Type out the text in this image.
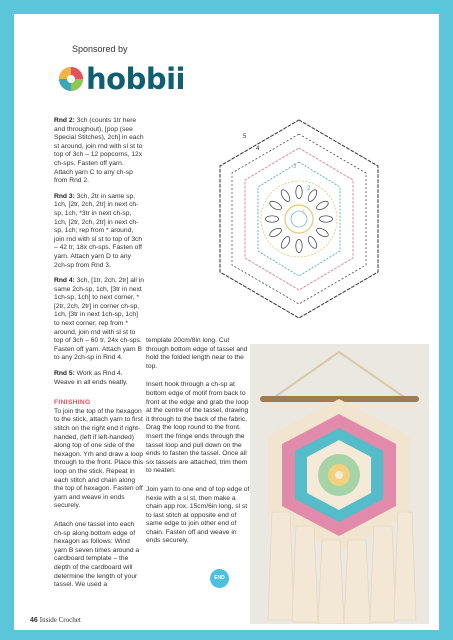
Sponsored by
hobbii

Rnd 2: 3ch (counts 1tr here and throughout), [pop (see Special Stitches), 2ch] in each st around, join rnd with sl st to top of 3ch – 12 popcorns, 12x ch-sps. Fasten off yarn. Attach yarn C to any ch-sp from Rnd 2.

Rnd 3: 3ch, 2tr in same sp, 1ch, [2tr, 2ch, 2tr] in next ch-sp, 1ch, *3tr in next ch-sp, 1ch, [2tr, 2ch, 2tr] in next ch-sp, 1ch; rep from * around, join rnd with sl st to top of 3ch – 42 tr, 18x ch-sps. Fasten off yarn. Attach yarn D to any 2ch-sp from Rnd 3.

Rnd 4: 3ch, [1tr, 2ch, 2tr] all in same 2ch-sp, 1ch, [3tr in next 1ch-sp, 1ch] to next corner, *[2tr, 2ch, 2tr] in corner ch-sp, 1ch, [3tr in next 1ch-sp, 1ch] to next corner; rep from * around, join rnd with sl st to top of 3ch – 60 tr, 24x ch-sps. Fasten off yarn. Attach yarn B to any 2ch-sp in Rnd 4.

Rnd 5: Work as Rnd 4. Weave in all ends neatly.

FINISHING

To join the top of the hexagon to the stick, attach yarn to first stitch on the right end if right-handed, (left if left-handed) along top of one side of the hexagon. Yrh and draw a loop through to the front. Place this loop on the stick. Repeat in each stitch and chain along the top of hexagon. Fasten off yarn and weave in ends securely.

Attach one tassel into each ch-sp along bottom edge of hexagon as follows: Wind yarn B seven times around a cardboard template – the depth of the cardboard will determine the length of your tassel. We used a

template 20cm/8in long. Cut through bottom edge of tassel and hold the folded length near to the top.

Insert hook through a ch-sp at bottom edge of motif from back to front at the edge and grab the loop at the centre of the tassel, drawing it through to the back of the fabric. Drag the loop round to the front. Insert the fringe ends through the tassel loop and pull down on the ends to fasten the tassel. Once all six tassels are attached, trim them to neaten.

Join yarn to one end of top edge of hexie with a sl st, then make a chain app rox. 15cm/6in long, sl st to last stitch at opposite end of same edge to join other end of chain. Fasten off and weave in ends securely.

END
5
4
3
2
1
46 Inside Crochet
